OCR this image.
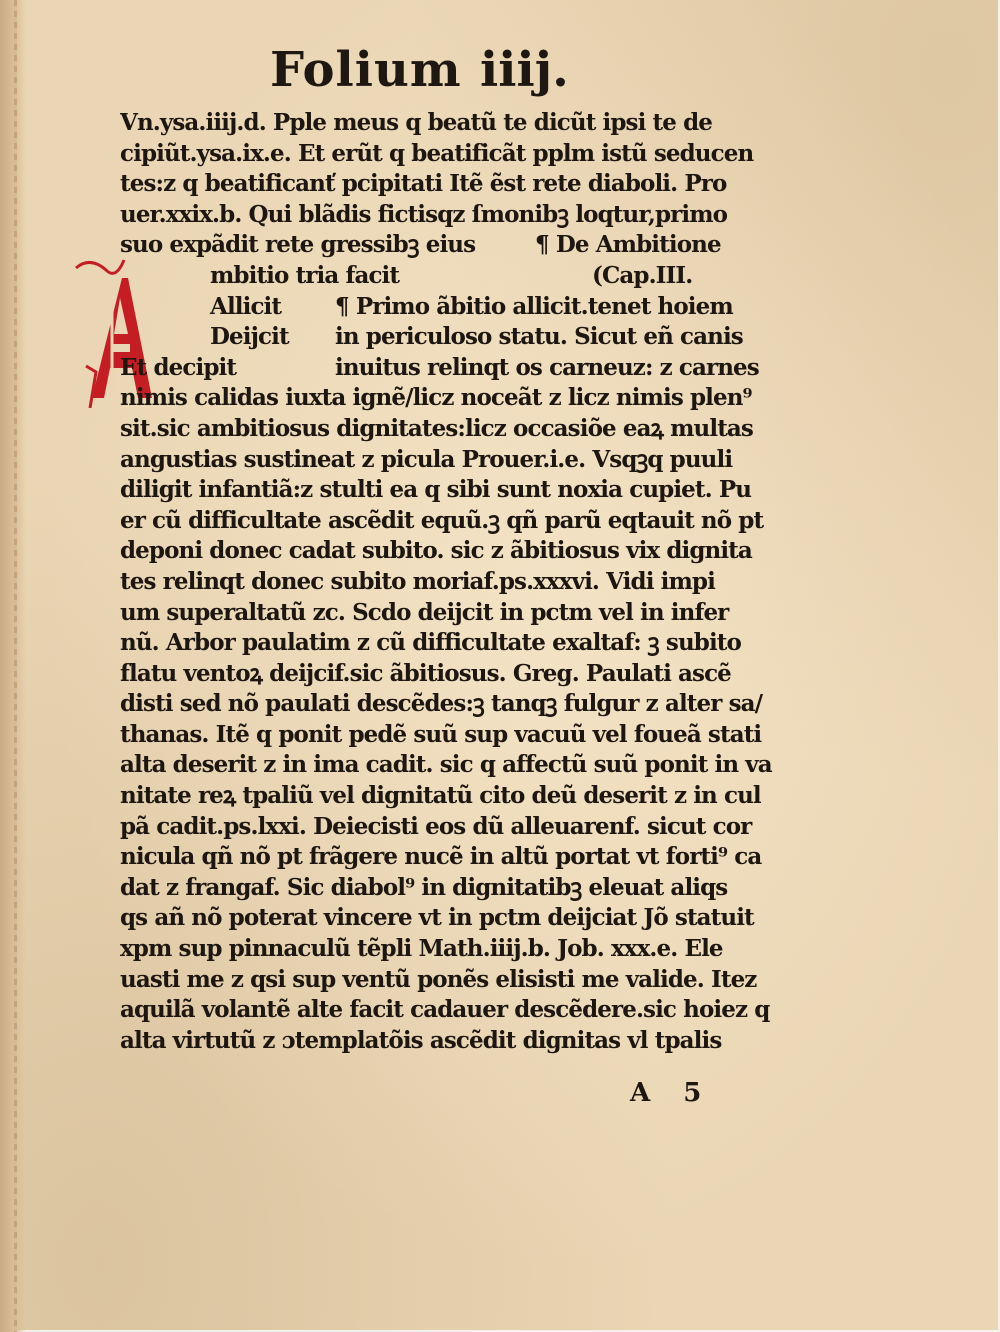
Folium iiij.
Vn.ysa.iiij.d. Pple meus q beatũ te dicũt ipsi te de
cipiũt.ysa.ix.e. Et erũt q beatificãt pplm istũ seducen
tes:z q beatificanť pcipitati Itẽ ẽst rete diaboli. Pro
uer.xxix.b. Qui blãdis fictisqz ſmonibꝫ loqtur,primo
suo expãdit rete gressibꝫ eius	¶ De Ambitione
mbitio tria facit	(Cap.III.
Allicit ¶ Primo ãbitio allicit.tenet hoiem
Deijcit in periculoso statu. Sicut eñ canis
Et decipit	inuitus relinqt os carneuz: z carnes
nimis calidas iuxta ignẽ/licz noceãt z licz nimis plen⁹
sit.sic ambitiosus dignitates:licz occasiõe eaꝝ multas
angustias sustineat z picula Prouer.i.e. Vsqꝫq puuli
diligit infantiã:z stulti ea q sibi sunt noxia cupiet. Pu
er cũ difficultate ascẽdit equũ.ꝫ qñ parũ eqtauit nõ pt
deponi donec cadat subito. sic z ãbitiosus vix dignita
tes relinqt donec subito moriaf.ps.xxxvi. Vidi impi
um superaltatũ zc. Scdo deijcit in pctm vel in infer
nũ. Arbor paulatim z cũ difficultate exaltaf: ꝫ subito
flatu ventoꝝ deijcif.sic ãbitiosus. Greg. Paulati ascẽ
disti sed nõ paulati descẽdes:ꝫ tanqꝫ fulgur z alter sa/
thanas. Itẽ q ponit pedẽ suũ sup vacuũ vel foueã stati
alta deserit z in ima cadit. sic q affectũ suũ ponit in va
nitate reꝝ tpaliũ vel dignitatũ cito deũ deserit z in cul
pã cadit.ps.lxxi. Deiecisti eos dũ alleuarenf. sicut cor
nicula qñ nõ pt frãgere nucẽ in altũ portat vt forti⁹ ca
dat z frangaf. Sic diabol⁹ in dignitatibꝫ eleuat aliqs
qs añ nõ poterat vincere vt in pctm deijciat Jõ statuit
xpm sup pinnaculũ tẽpli Math.iiij.b. Job. xxx.e. Ele
uasti me z qsi sup ventũ ponẽs elisisti me valide. Itez
aquilã volantẽ alte facit cadauer descẽdere.sic hoiez q
alta virtutũ z ɔtemplatõis ascẽdit dignitas vl tpalis
A 5
